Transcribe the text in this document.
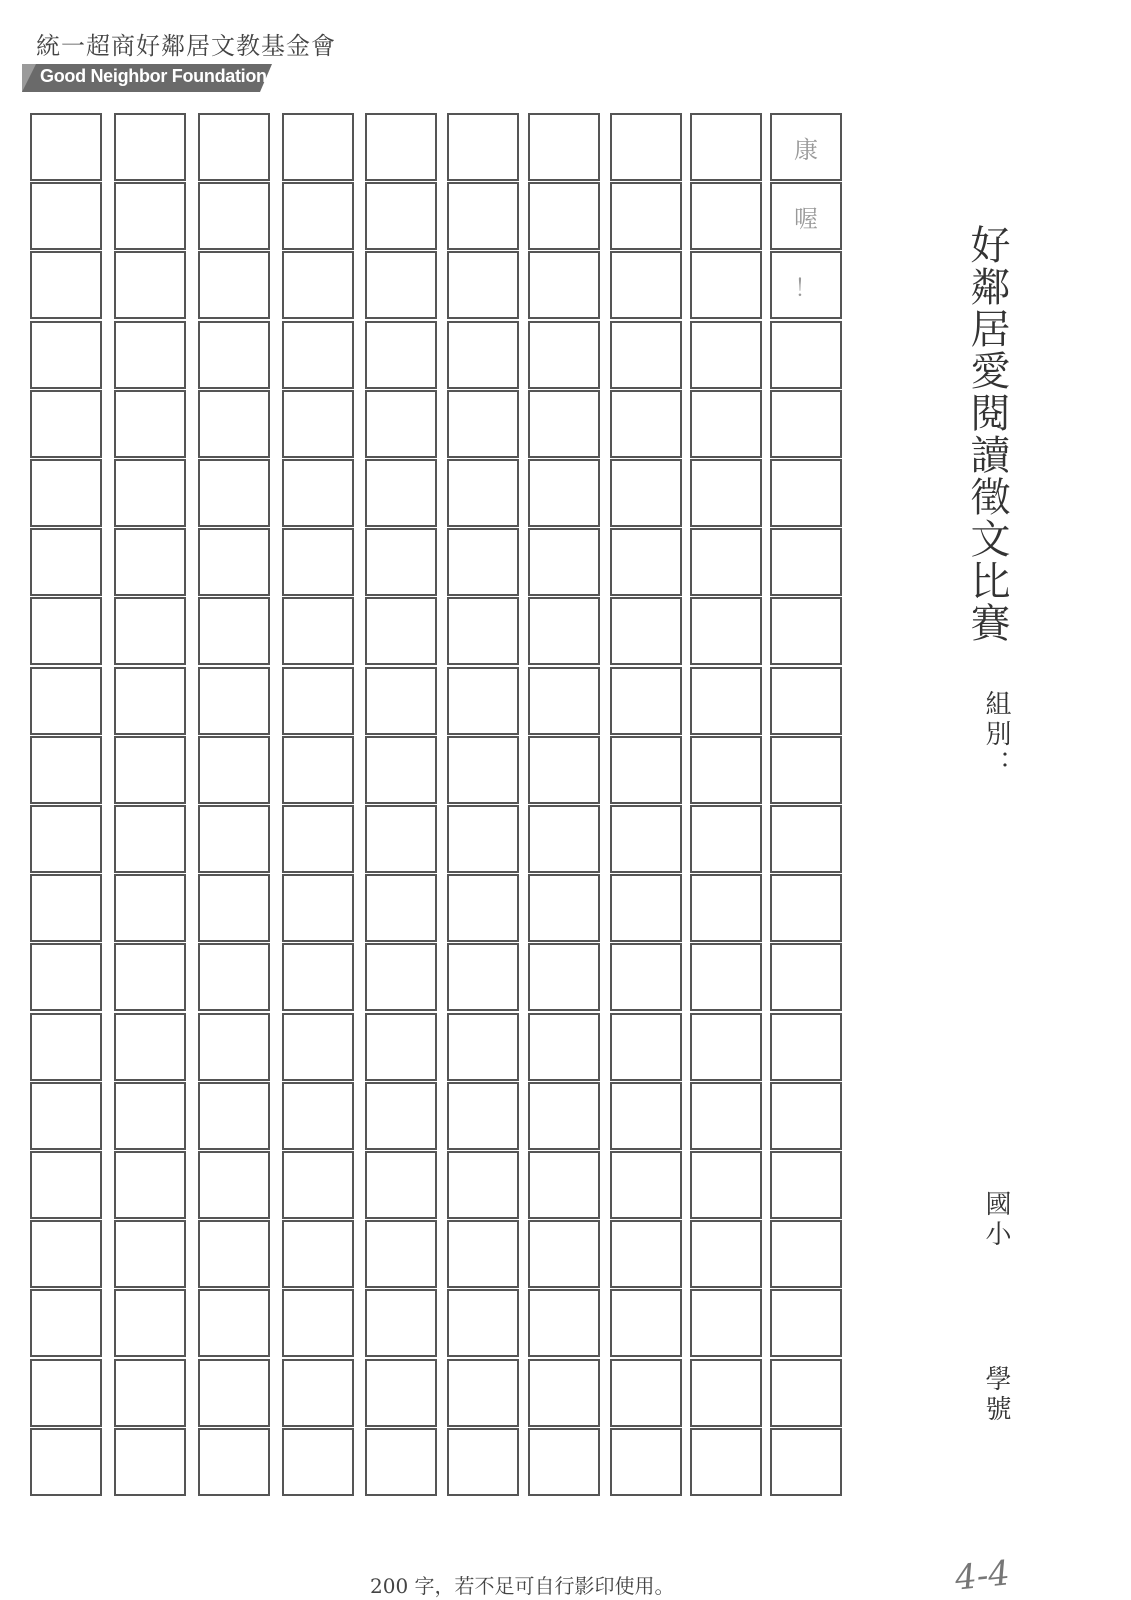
統一超商好鄰居文教基金會
Good Neighbor Foundation
康
喔
！	好鄰居愛閱讀徵文比賽
組別：
國小
學號
200 字，若不足可自行影印使用。	4-4
